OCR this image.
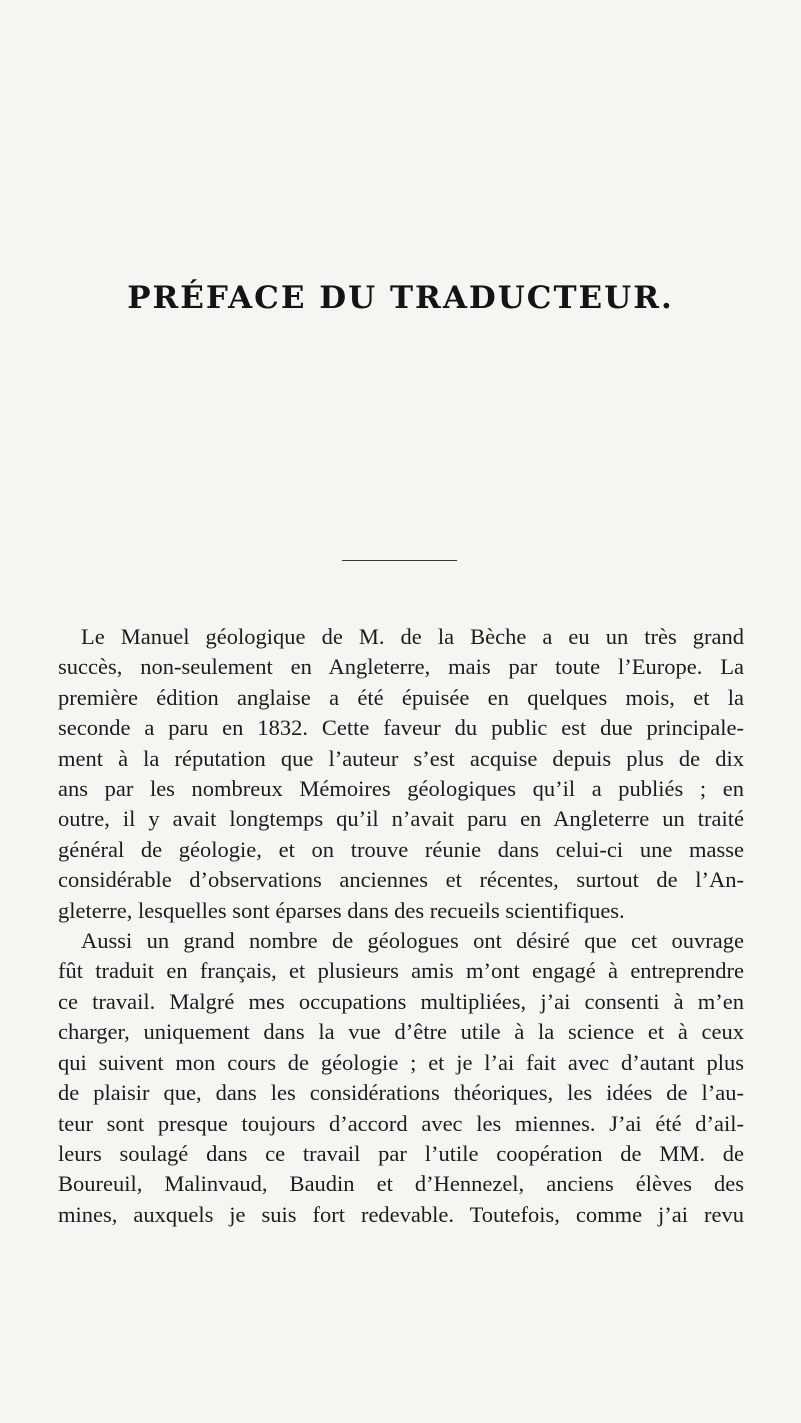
PRÉFACE DU TRADUCTEUR.
Le Manuel géologique de M. de la Bèche a eu un très grand
succès, non-seulement en Angleterre, mais par toute l’Europe. La
première édition anglaise a été épuisée en quelques mois, et la
seconde a paru en 1832. Cette faveur du public est due principale-
ment à la réputation que l’auteur s’est acquise depuis plus de dix
ans par les nombreux Mémoires géologiques qu’il a publiés ; en
outre, il y avait longtemps qu’il n’avait paru en Angleterre un traité
général de géologie, et on trouve réunie dans celui-ci une masse
considérable d’observations anciennes et récentes, surtout de l’An-
gleterre, lesquelles sont éparses dans des recueils scientifiques.
Aussi un grand nombre de géologues ont désiré que cet ouvrage
fût traduit en français, et plusieurs amis m’ont engagé à entreprendre
ce travail. Malgré mes occupations multipliées, j’ai consenti à m’en
charger, uniquement dans la vue d’être utile à la science et à ceux
qui suivent mon cours de géologie ; et je l’ai fait avec d’autant plus
de plaisir que, dans les considérations théoriques, les idées de l’au-
teur sont presque toujours d’accord avec les miennes. J’ai été d’ail-
leurs soulagé dans ce travail par l’utile coopération de MM. de
Boureuil, Malinvaud, Baudin et d’Hennezel, anciens élèves des
mines, auxquels je suis fort redevable. Toutefois, comme j’ai revu
